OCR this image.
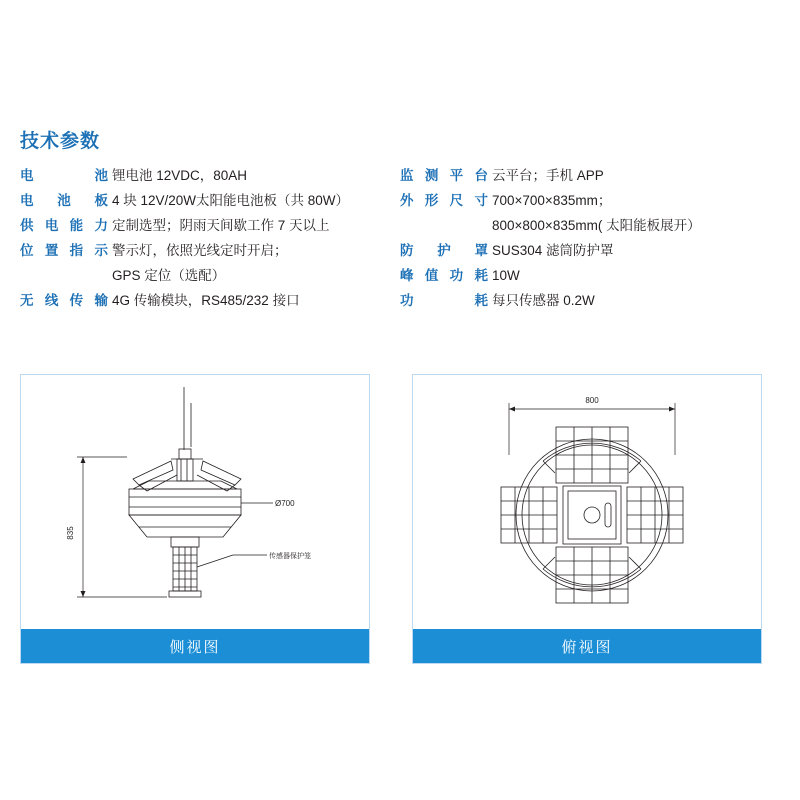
技术参数
电 池 锂电池 12VDC，80AH
电池板 4 块 12V/20W太阳能电池板（共 80W）
供电能力 定制选型；阴雨天间歇工作 7 天以上
位置指示 警示灯，依照光线定时开启；
GPS 定位（选配）
无线传输 4G 传输模块，RS485/232 接口
监测平台 云平台；手机 APP
外形尺寸 700×700×835mm；
800×800×835mm( 太阳能板展开）
防 护 罩 SUS304 滤筒防护罩
峰值功耗 10W
功 耗 每只传感器 0.2W
835
Ø700
传感器保护笼
侧视图
800
俯视图
